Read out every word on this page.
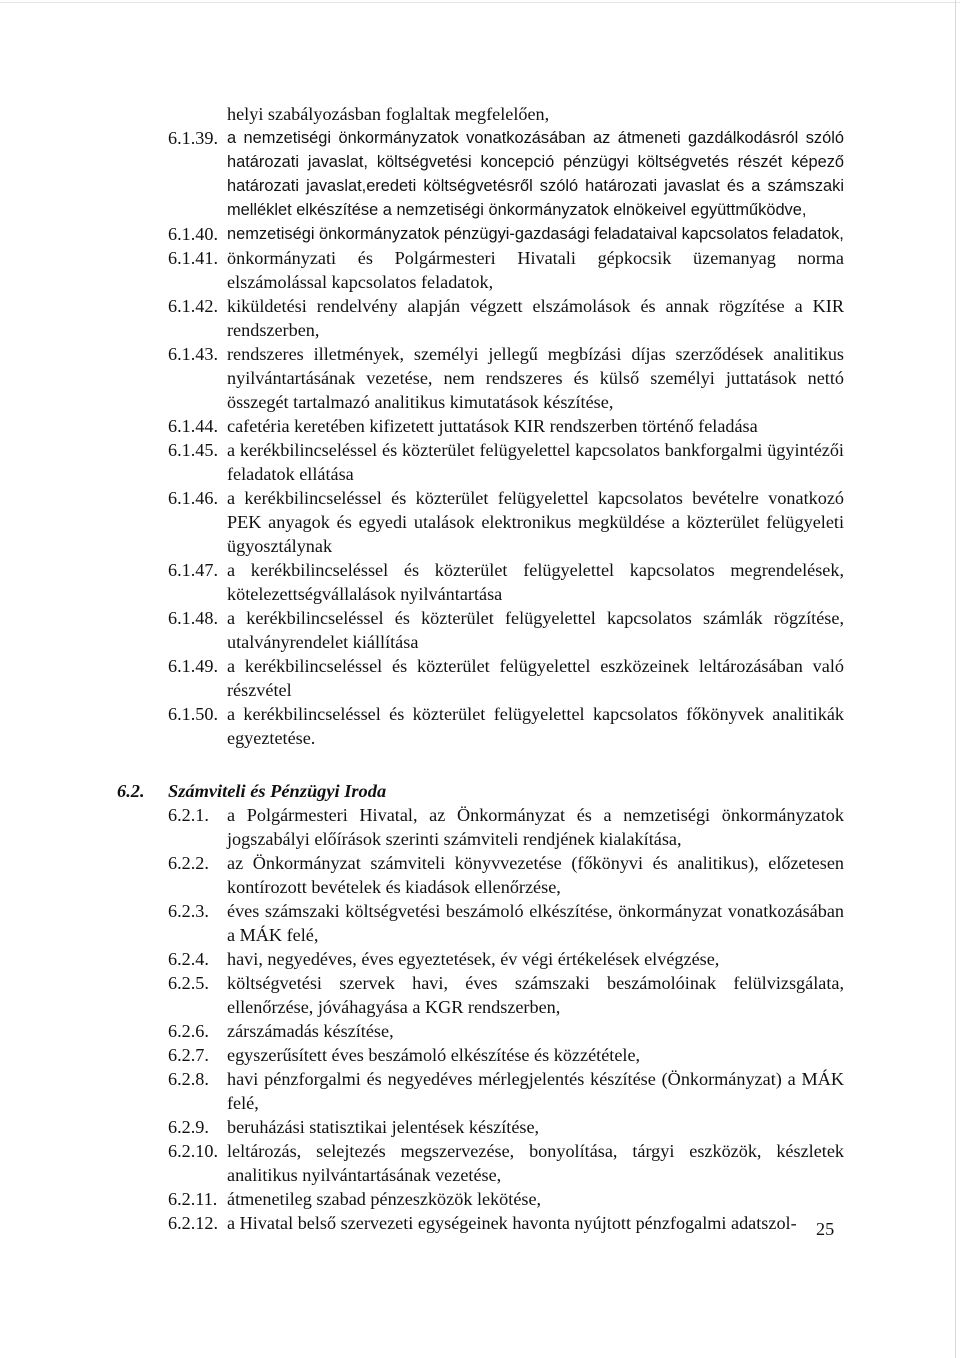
helyi szabályozásban foglaltak megfelelően,
6.1.39. a nemzetiségi önkormányzatok vonatkozásában az átmeneti gazdálkodásról szóló határozati javaslat, költségvetési koncepció pénzügyi költségvetés részét képező határozati javaslat,eredeti költségvetésről szóló határozati javaslat és a számszaki melléklet elkészítése a nemzetiségi önkormányzatok elnökeivel együttműködve,
6.1.40. nemzetiségi önkormányzatok pénzügyi-gazdasági feladataival kapcsolatos feladatok,
6.1.41. önkormányzati és Polgármesteri Hivatali gépkocsik üzemanyag norma elszámolással kapcsolatos feladatok,
6.1.42. kiküldetési rendelvény alapján végzett elszámolások és annak rögzítése a KIR rendszerben,
6.1.43. rendszeres illetmények, személyi jellegű megbízási díjas szerződések analitikus nyilvántartásának vezetése, nem rendszeres és külső személyi juttatások nettó összegét tartalmazó analitikus kimutatások készítése,
6.1.44. cafetéria keretében kifizetett juttatások KIR rendszerben történő feladása
6.1.45. a kerékbilincseléssel és közterület felügyelettel kapcsolatos bankforgalmi ügyintézői feladatok ellátása
6.1.46. a kerékbilincseléssel és közterület felügyelettel kapcsolatos bevételre vonatkozó PEK anyagok és egyedi utalások elektronikus megküldése a közterület felügyeleti ügyosztálynak
6.1.47. a kerékbilincseléssel és közterület felügyelettel kapcsolatos megrendelések, kötelezettségvállalások nyilvántartása
6.1.48. a kerékbilincseléssel és közterület felügyelettel kapcsolatos számlák rögzítése, utalványrendelet kiállítása
6.1.49. a kerékbilincseléssel és közterület felügyelettel eszközeinek leltározásában való részvétel
6.1.50. a kerékbilincseléssel és közterület felügyelettel kapcsolatos főkönyvek analitikák egyeztetése.
6.2.	Számviteli és Pénzügyi Iroda
6.2.1. a Polgármesteri Hivatal, az Önkormányzat és a nemzetiségi önkormányzatok jogszabályi előírások szerinti számviteli rendjének kialakítása,
6.2.2. az Önkormányzat számviteli könyvvezetése (főkönyvi és analitikus), előzetesen kontírozott bevételek és kiadások ellenőrzése,
6.2.3. éves számszaki költségvetési beszámoló elkészítése, önkormányzat vonatkozásában a MÁK felé,
6.2.4. havi, negyedéves, éves egyeztetések, év végi értékelések elvégzése,
6.2.5. költségvetési szervek havi, éves számszaki beszámolóinak felülvizsgálata, ellenőrzése, jóváhagyása a KGR rendszerben,
6.2.6. zárszámadás készítése,
6.2.7. egyszerűsített éves beszámoló elkészítése és közzététele,
6.2.8. havi pénzforgalmi és negyedéves mérlegjelentés készítése (Önkormányzat) a MÁK felé,
6.2.9. beruházási statisztikai jelentések készítése,
6.2.10. leltározás, selejtezés megszervezése, bonyolítása, tárgyi eszközök, készletek analitikus nyilvántartásának vezetése,
6.2.11. átmenetileg szabad pénzeszközök lekötése,
6.2.12. a Hivatal belső szervezeti egységeinek havonta nyújtott pénzfogalmi adatszol-	25
